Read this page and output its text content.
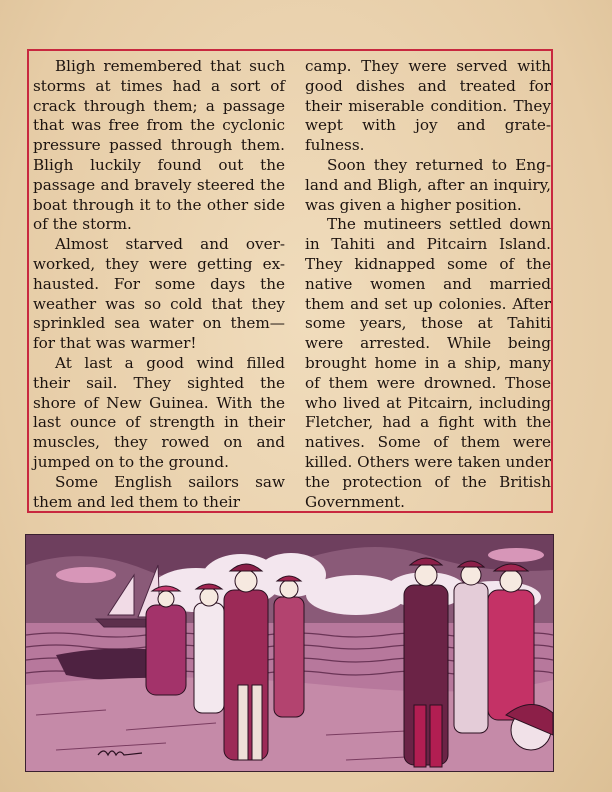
Bligh remembered that such storms at times had a sort of crack through them; a passage that was free from the cyclonic pressure passed through them. Bligh luckily found out the passage and bravely steered the boat through it to the other side of the storm.

Almost starved and over-worked, they were getting ex-hausted. For some days the weather was so cold that they sprinkled sea water on them—for that was warmer!

At last a good wind filled their sail. They sighted the shore of New Guinea. With the last ounce of strength in their muscles, they rowed on and jumped on to the ground.

Some English sailors saw them and led them to their

camp. They were served with good dishes and treated for their miserable condition. They wept with joy and grate-fulness.

Soon they returned to Eng-land and Bligh, after an inquiry, was given a higher position.

The mutineers settled down in Tahiti and Pitcairn Island. They kidnapped some of the native women and married them and set up colonies. After some years, those at Tahiti were arrested. While being brought home in a ship, many of them were drowned. Those who lived at Pitcairn, including Fletcher, had a fight with the natives. Some of them were killed. Others were taken under the protection of the British Government.
